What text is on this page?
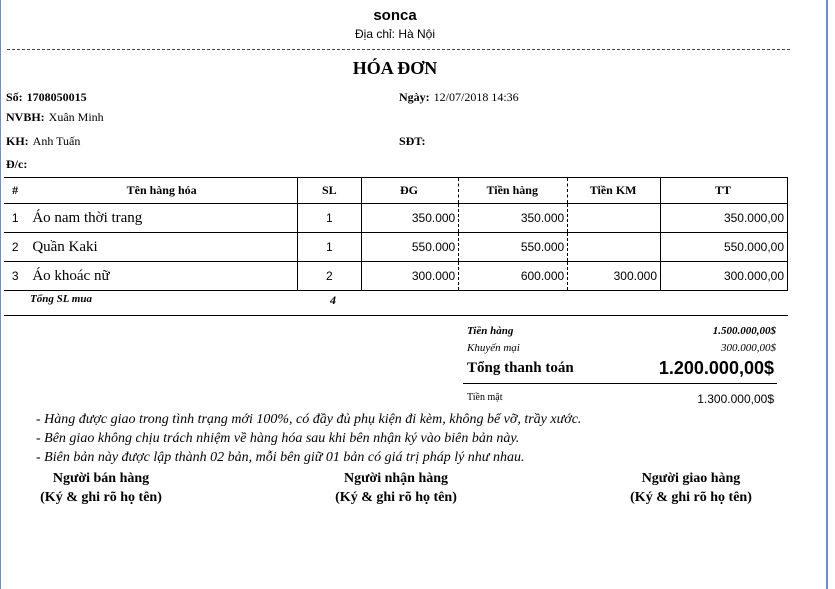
sonca
Địa chỉ: Hà Nội
HÓA ĐƠN
Số: 1708050015	Ngày: 12/07/2018 14:36
NVBH: Xuân Minh
KH: Anh Tuấn	SĐT:
Đ/c:
#	Tên hàng hóa	SL	ĐG	Tiền hàng	Tiền KM	TT
1	Áo nam thời trang	1	350.000	350.000		350.000,00
2	Quần Kaki	1	550.000	550.000		550.000,00
3	Áo khoác nữ	2	300.000	600.000	300.000	300.000,00
Tổng SL mua	4
Tiền hàng	1.500.000,00$
Khuyến mại	300.000,00$
Tổng thanh toán	1.200.000,00$
Tiền mặt	1.300.000,00$
- Hàng được giao trong tình trạng mới 100%, có đầy đủ phụ kiện đi kèm, không bể vỡ, trầy xước.
- Bên giao không chịu trách nhiệm về hàng hóa sau khi bên nhận ký vào biên bản này.
- Biên bản này được lập thành 02 bản, mỗi bên giữ 01 bản có giá trị pháp lý như nhau.
Người bán hàng
(Ký & ghi rõ họ tên)
Người nhận hàng
(Ký & ghi rõ họ tên)
Người giao hàng
(Ký & ghi rõ họ tên)
